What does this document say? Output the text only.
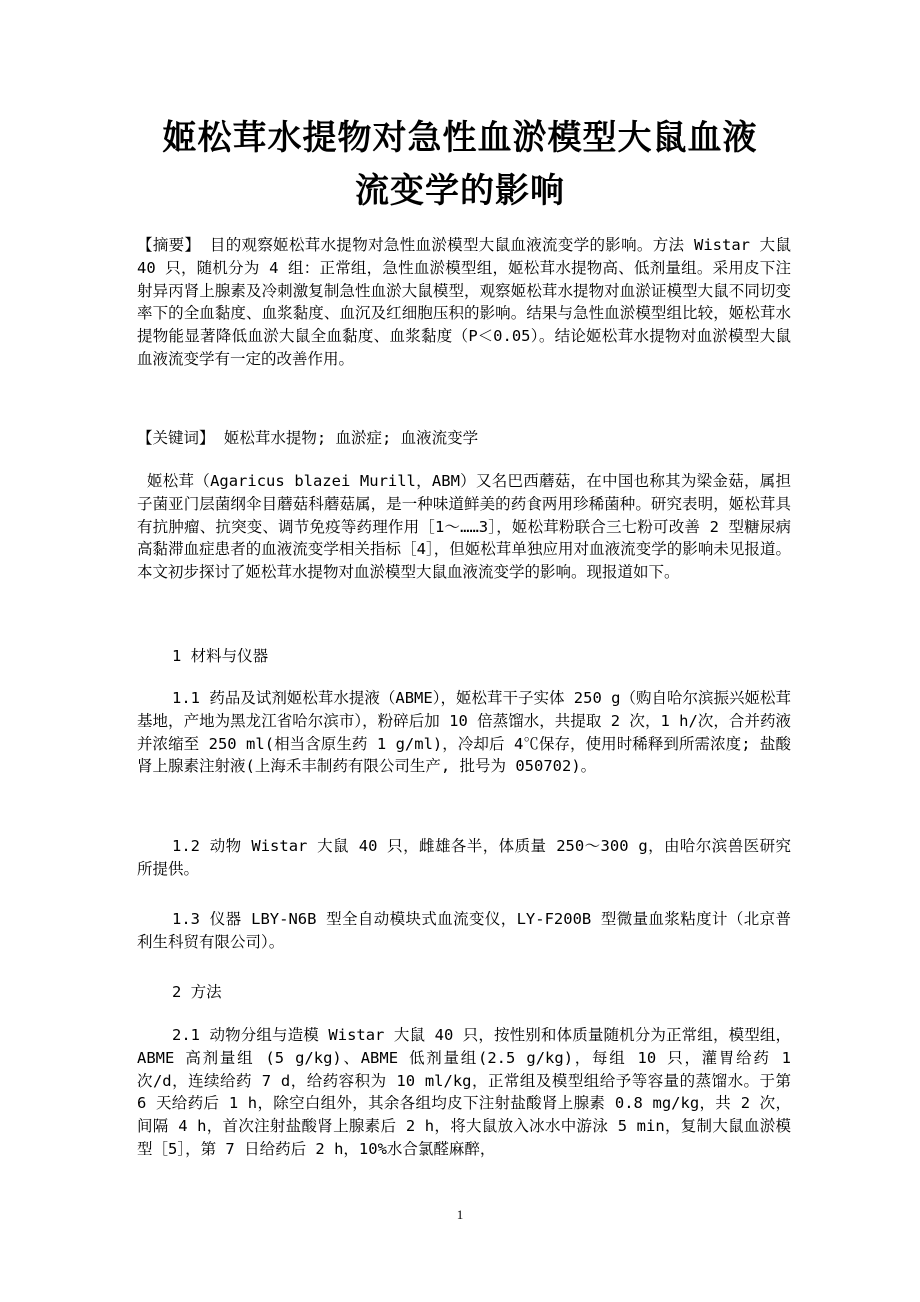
姬松茸水提物对急性血淤模型大鼠血液
流变学的影响

【摘要】 目的观察姬松茸水提物对急性血淤模型大鼠血液流变学的影响。方法 Wistar 大鼠 40 只，随机分为 4 组：正常组，急性血淤模型组，姬松茸水提物高、低剂量组。采用皮下注射异丙肾上腺素及冷刺激复制急性血淤大鼠模型，观察姬松茸水提物对血淤证模型大鼠不同切变率下的全血黏度、血浆黏度、血沉及红细胞压积的影响。结果与急性血淤模型组比较，姬松茸水提物能显著降低血淤大鼠全血黏度、血浆黏度（P＜0.05）。结论姬松茸水提物对血淤模型大鼠血液流变学有一定的改善作用。

【关键词】 姬松茸水提物; 血淤症; 血液流变学

姬松茸（Agaricus blazei Murill，ABM）又名巴西蘑菇，在中国也称其为梁金菇，属担子菌亚门层菌纲伞目蘑菇科蘑菇属，是一种味道鲜美的药食两用珍稀菌种。研究表明，姬松茸具有抗肿瘤、抗突变、调节免疫等药理作用［1～……3］，姬松茸粉联合三七粉可改善 2 型糖尿病高黏滞血症患者的血液流变学相关指标［4］，但姬松茸单独应用对血液流变学的影响未见报道。本文初步探讨了姬松茸水提物对血淤模型大鼠血液流变学的影响。现报道如下。

1 材料与仪器

1.1 药品及试剂姬松茸水提液（ABME），姬松茸干子实体 250 g（购自哈尔滨振兴姬松茸基地，产地为黑龙江省哈尔滨市），粉碎后加 10 倍蒸馏水，共提取 2 次，1 h/次，合并药液并浓缩至 250 ml(相当含原生药 1 g/ml)，冷却后 4℃保存，使用时稀释到所需浓度; 盐酸肾上腺素注射液(上海禾丰制药有限公司生产, 批号为 050702)。

1.2 动物 Wistar 大鼠 40 只，雌雄各半，体质量 250～300 g，由哈尔滨兽医研究所提供。

1.3 仪器 LBY-N6B 型全自动模块式血流变仪，LY-F200B 型微量血浆粘度计（北京普利生科贸有限公司）。

2 方法

2.1 动物分组与造模 Wistar 大鼠 40 只，按性别和体质量随机分为正常组，模型组，ABME 高剂量组 (5 g/kg)、ABME 低剂量组(2.5 g/kg)，每组 10 只，灌胃给药 1 次/d，连续给药 7 d，给药容积为 10 ml/kg，正常组及模型组给予等容量的蒸馏水。于第 6 天给药后 1 h，除空白组外，其余各组均皮下注射盐酸肾上腺素 0.8 mg/kg，共 2 次，间隔 4 h，首次注射盐酸肾上腺素后 2 h，将大鼠放入冰水中游泳 5 min，复制大鼠血淤模型［5］，第 7 日给药后 2 h，10%水合氯醛麻醉，

1
